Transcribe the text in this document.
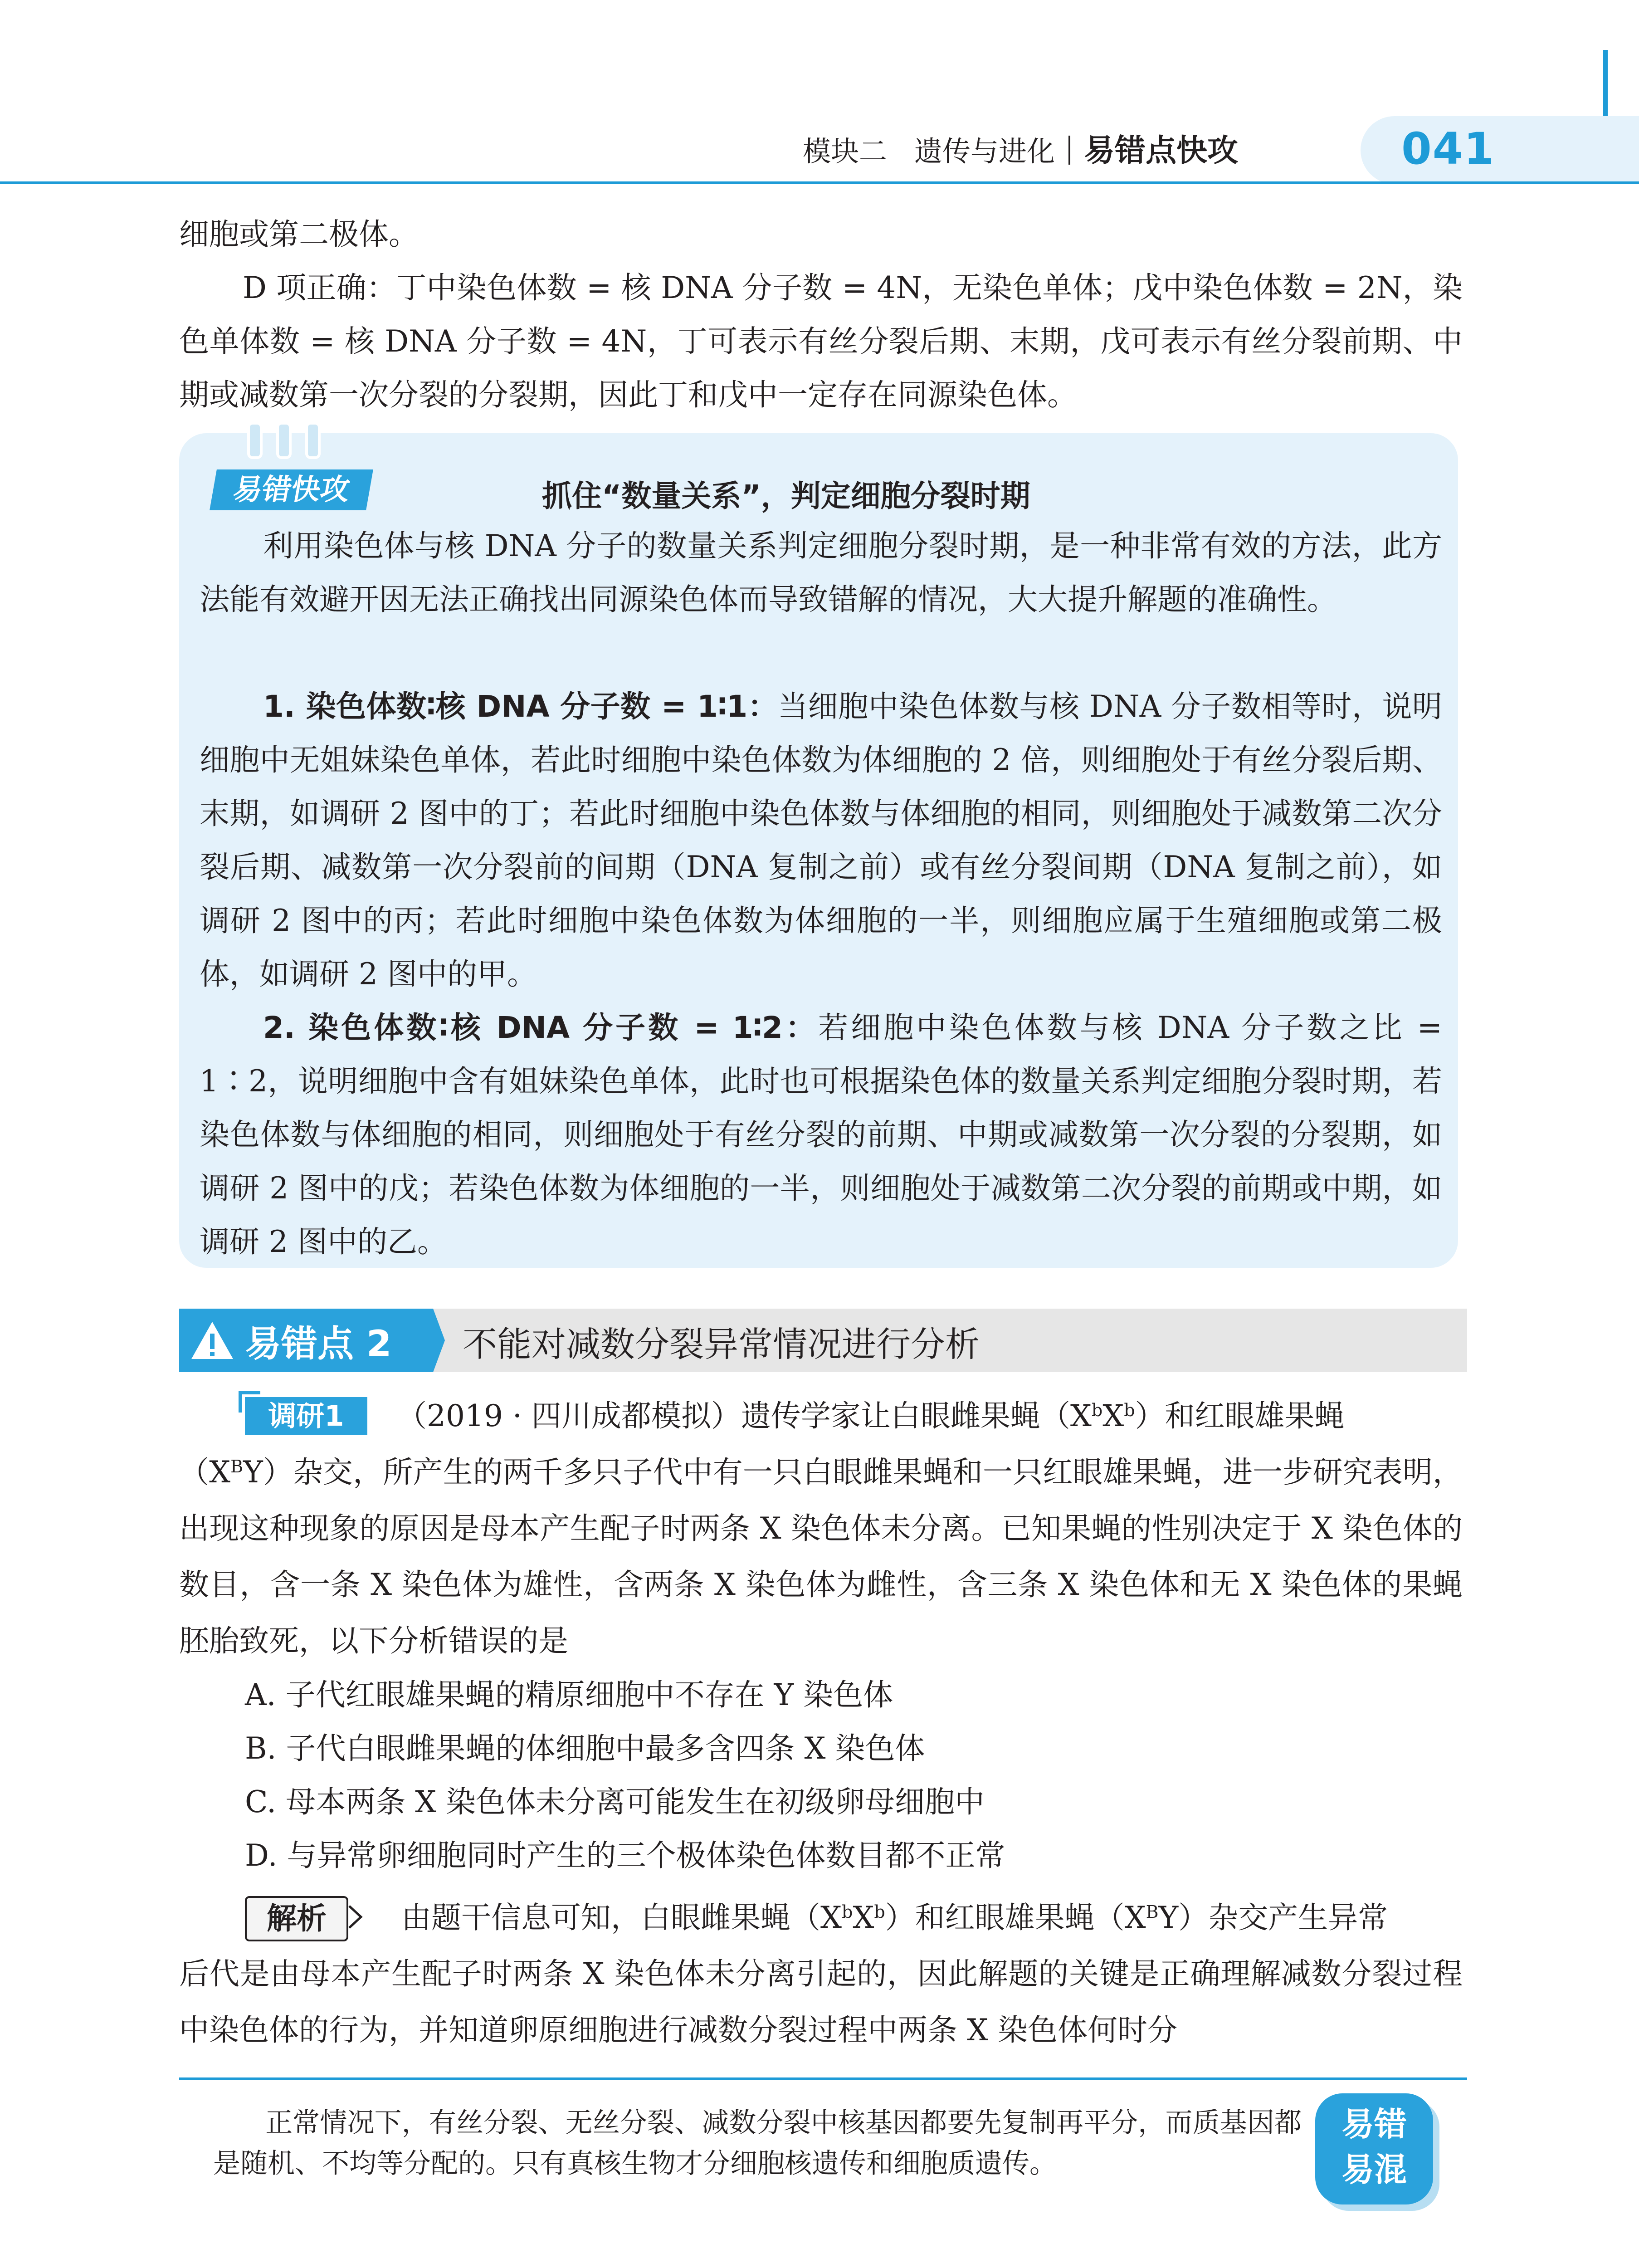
模块二 遗传与进化 易错点快攻	041
细胞或第二极体。
D 项正确：丁中染色体数 = 核 DNA 分子数 = 4N，无染色单体；戊中染色体数 = 2N，染色单体数 = 核 DNA 分子数 = 4N，丁可表示有丝分裂后期、末期，戊可表示有丝分裂前期、中期或减数第一次分裂的分裂期，因此丁和戊中一定存在同源染色体。
易错快攻	抓住“数量关系”，判定细胞分裂时期
利用染色体与核 DNA 分子的数量关系判定细胞分裂时期，是一种非常有效的方法，此方法能有效避开因无法正确找出同源染色体而导致错解的情况，大大提升解题的准确性。
1. 染色体数∶核 DNA 分子数 = 1∶1：当细胞中染色体数与核 DNA 分子数相等时，说明细胞中无姐妹染色单体，若此时细胞中染色体数为体细胞的 2 倍，则细胞处于有丝分裂后期、末期，如调研 2 图中的丁；若此时细胞中染色体数与体细胞的相同，则细胞处于减数第二次分裂后期、减数第一次分裂前的间期（DNA 复制之前）或有丝分裂间期（DNA 复制之前），如调研 2 图中的丙；若此时细胞中染色体数为体细胞的一半，则细胞应属于生殖细胞或第二极体，如调研 2 图中的甲。
2. 染色体数∶核 DNA 分子数 = 1∶2：若细胞中染色体数与核 DNA 分子数之比 = 1∶2，说明细胞中含有姐妹染色单体，此时也可根据染色体的数量关系判定细胞分裂时期，若染色体数与体细胞的相同，则细胞处于有丝分裂的前期、中期或减数第一次分裂的分裂期，如调研 2 图中的戊；若染色体数为体细胞的一半，则细胞处于减数第二次分裂的前期或中期，如调研 2 图中的乙。
易错点 2 不能对减数分裂异常情况进行分析
调研1	（2019 · 四川成都模拟）遗传学家让白眼雌果蝇$(X^bX^b)$和红眼雄果蝇
$(X^BY)$杂交，所产生的两千多只子代中有一只白眼雌果蝇和一只红眼雄果蝇，进一步研究表明，出现这种现象的原因是母本产生配子时两条 X 染色体未分离。已知果蝇的性别决定于 X 染色体的数目，含一条 X 染色体为雄性，含两条 X 染色体为雌性，含三条 X 染色体和无 X 染色体的果蝇胚胎致死，以下分析错误的是
A. 子代红眼雄果蝇的精原细胞中不存在 Y 染色体
B. 子代白眼雌果蝇的体细胞中最多含四条 X 染色体
C. 母本两条 X 染色体未分离可能发生在初级卵母细胞中
D. 与异常卵细胞同时产生的三个极体染色体数目都不正常
解析	由题干信息可知，白眼雌果蝇$(X^bX^b)$和红眼雄果蝇$(X^BY)$杂交产生异常
后代是由母本产生配子时两条 X 染色体未分离引起的，因此解题的关键是正确理解减数分裂过程中染色体的行为，并知道卵原细胞进行减数分裂过程中两条 X 染色体何时分
正常情况下，有丝分裂、无丝分裂、减数分裂中核基因都要先复制再平分，而质基因都是随机、不均等分配的。只有真核生物才分细胞核遗传和细胞质遗传。
易错
易混
